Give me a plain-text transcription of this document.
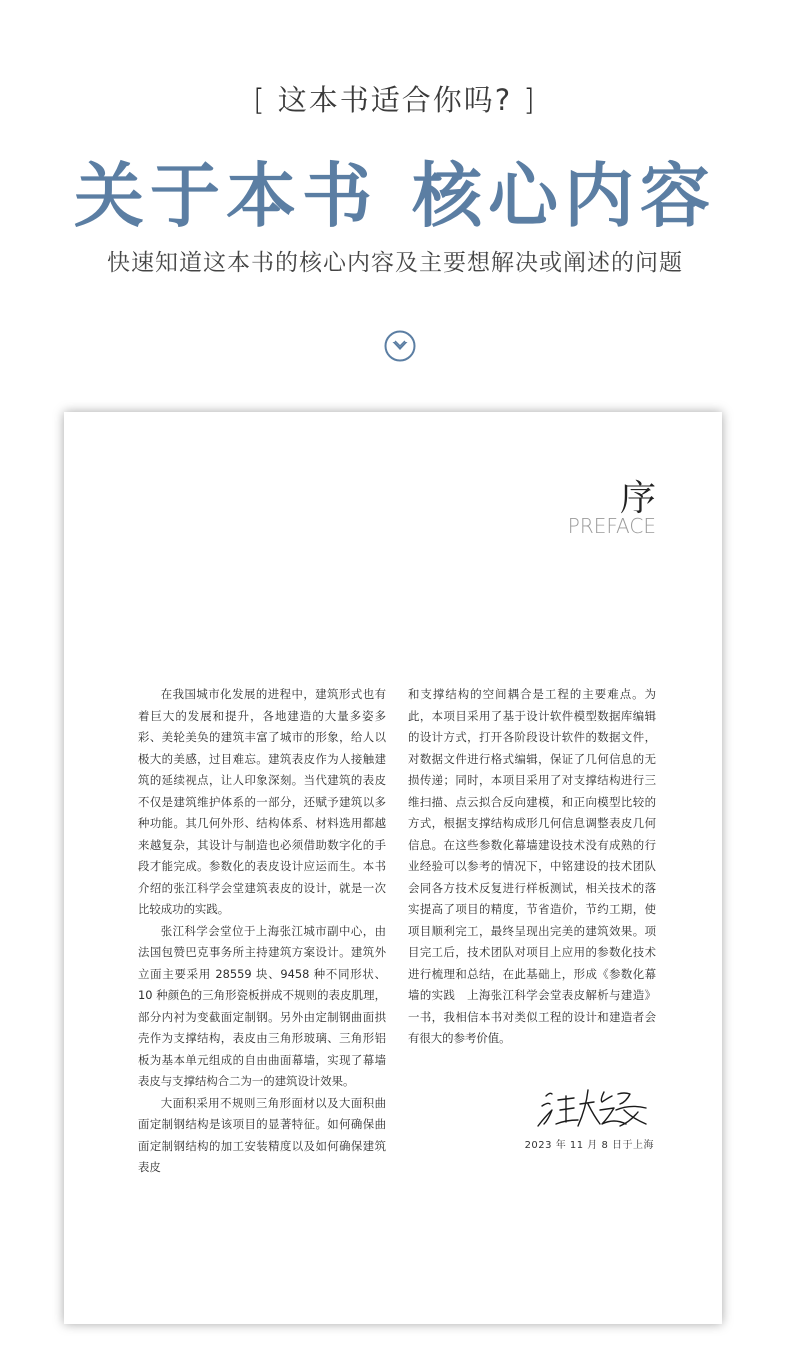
[ 这本书适合你吗? ]
关于本书 核心内容
快速知道这本书的核心内容及主要想解决或阐述的问题
序
PREFACE

在我国城市化发展的进程中，建筑形式也有着巨大的发展和提升，各地建造的大量多姿多彩、美轮美奂的建筑丰富了城市的形象，给人以极大的美感，过目难忘。建筑表皮作为人接触建筑的延续视点，让人印象深刻。当代建筑的表皮不仅是建筑维护体系的一部分，还赋予建筑以多种功能。其几何外形、结构体系、材料选用都越来越复杂，其设计与制造也必须借助数字化的手段才能完成。参数化的表皮设计应运而生。本书介绍的张江科学会堂建筑表皮的设计，就是一次比较成功的实践。

张江科学会堂位于上海张江城市副中心，由法国包赞巴克事务所主持建筑方案设计。建筑外立面主要采用 28559 块、9458 种不同形状、10 种颜色的三角形瓷板拼成不规则的表皮肌理，部分内衬为变截面定制钢。另外由定制钢曲面拱壳作为支撑结构，表皮由三角形玻璃、三角形铝板为基本单元组成的自由曲面幕墙，实现了幕墙表皮与支撑结构合二为一的建筑设计效果。

大面积采用不规则三角形面材以及大面积曲面定制钢结构是该项目的显著特征。如何确保曲面定制钢结构的加工安装精度以及如何确保建筑表皮

和支撑结构的空间耦合是工程的主要难点。为此，本项目采用了基于设计软件模型数据库编辑的设计方式，打开各阶段设计软件的数据文件，对数据文件进行格式编辑，保证了几何信息的无损传递；同时，本项目采用了对支撑结构进行三维扫描、点云拟合反向建模，和正向模型比较的方式，根据支撑结构成形几何信息调整表皮几何信息。在这些参数化幕墙建设技术没有成熟的行业经验可以参考的情况下，中铭建设的技术团队会同各方技术反复进行样板测试，相关技术的落实提高了项目的精度，节省造价，节约工期，使项目顺利完工，最终呈现出完美的建筑效果。项目完工后，技术团队对项目上应用的参数化技术进行梳理和总结，在此基础上，形成《参数化幕墙的实践　上海张江科学会堂表皮解析与建造》一书，我相信本书对类似工程的设计和建造者会有很大的参考价值。

2023 年 11 月 8 日于上海
